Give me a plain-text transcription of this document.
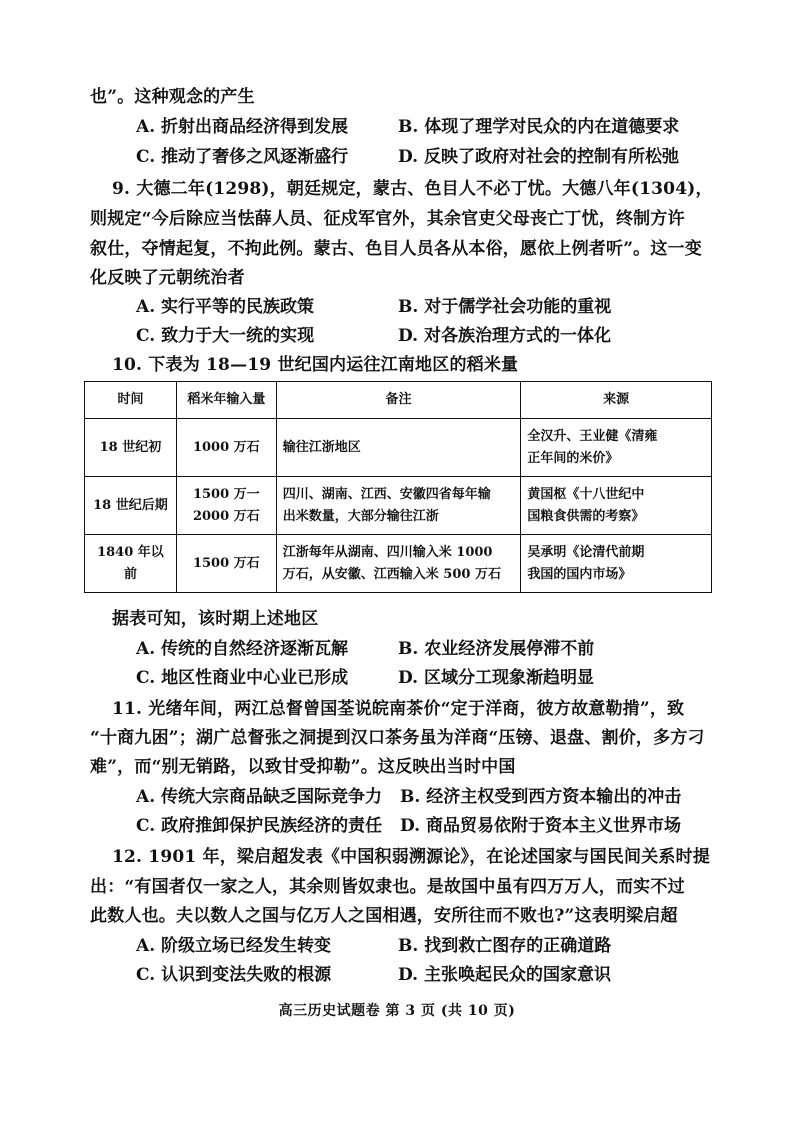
也”。这种观念的产生
A. 折射出商品经济得到发展	B. 体现了理学对民众的内在道德要求
C. 推动了奢侈之风逐渐盛行	D. 反映了政府对社会的控制有所松弛
9. 大德二年(1298)，朝廷规定，蒙古、色目人不必丁忧。大德八年(1304)，
则规定“今后除应当怯薛人员、征戍军官外，其余官吏父母丧亡丁忧，终制方许
叙仕，夺情起复，不拘此例。蒙古、色目人员各从本俗，愿依上例者听”。这一变
化反映了元朝统治者
A. 实行平等的民族政策	B. 对于儒学社会功能的重视
C. 致力于大一统的实现	D. 对各族治理方式的一体化
10. 下表为 18—19 世纪国内运往江南地区的稻米量
时间	稻米年输入量	备注	来源
18 世纪初	1000 万石	输往江浙地区	全汉升、王业健《清雍
正年间的米价》

18 世纪后期	1500 万一
2000 万石	四川、湖南、江西、安徽四省每年输
出米数量，大部分输往江浙	黄国枢《十八世纪中
国粮食供需的考察》

1840 年以前	1500 万石	江浙每年从湖南、四川输入米 1000
万石，从安徽、江西输入米 500 万石	吴承明《论清代前期
我国的国内市场》
据表可知，该时期上述地区
A. 传统的自然经济逐渐瓦解	B. 农业经济发展停滞不前
C. 地区性商业中心业已形成	D. 区域分工现象渐趋明显
11. 光绪年间，两江总督曾国荃说皖南茶价“定于洋商，彼方故意勒掯”，致
“十商九困”；湖广总督张之洞提到汉口茶务虽为洋商“压镑、退盘、割价，多方刁
难”，而“别无销路，以致甘受抑勒”。这反映出当时中国
A. 传统大宗商品缺乏国际竞争力 B. 经济主权受到西方资本输出的冲击
C. 政府推卸保护民族经济的责任 D. 商品贸易依附于资本主义世界市场
12. 1901 年，梁启超发表《中国积弱溯源论》，在论述国家与国民间关系时提
出：“有国者仅一家之人，其余则皆奴隶也。是故国中虽有四万万人，而实不过
此数人也。夫以数人之国与亿万人之国相遇，安所往而不败也?”这表明梁启超
A. 阶级立场已经发生转变	B. 找到救亡图存的正确道路
C. 认识到变法失败的根源	D. 主张唤起民众的国家意识
高三历史试题卷 第 3 页 (共 10 页)
